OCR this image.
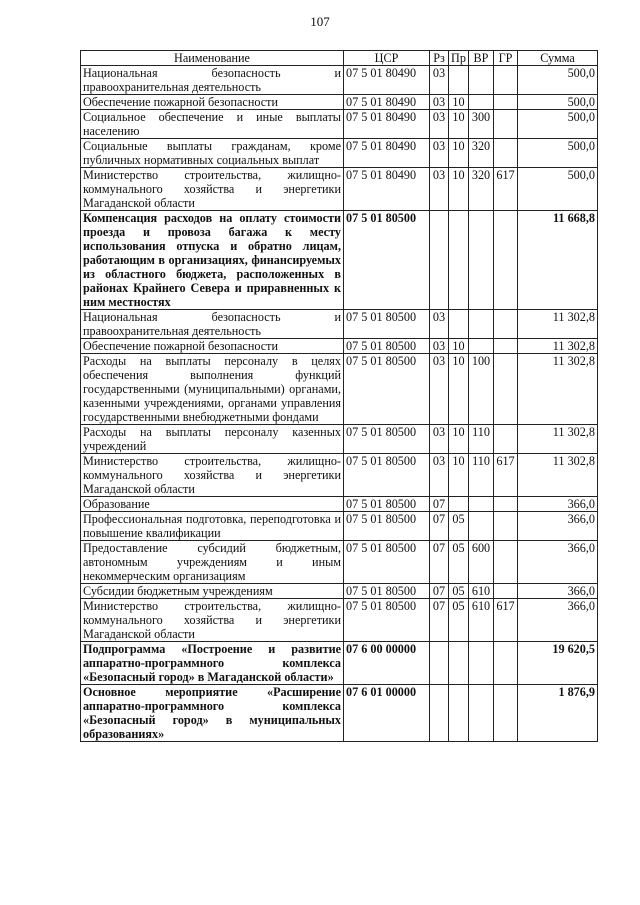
107
Наименование	ЦСР	Рз	Пр	ВР	ГР	Сумма
Национальная безопасность и правоохранительная деятельность	07 5 01 80490	03				500,0
Обеспечение пожарной безопасности	07 5 01 80490	03	10			500,0
Социальное обеспечение и иные выплаты населению	07 5 01 80490	03	10	300		500,0
Социальные выплаты гражданам, кроме публичных нормативных социальных выплат	07 5 01 80490	03	10	320		500,0
Министерство строительства, жилищно-коммунального хозяйства и энергетики Магаданской области	07 5 01 80490	03	10	320	617	500,0
Компенсация расходов на оплату стоимости проезда и провоза багажа к месту использования отпуска и обратно лицам, работающим в организациях, финансируемых из областного бюджета, расположенных в районах Крайнего Севера и приравненных к ним местностях	07 5 01 80500					11 668,8
Национальная безопасность и правоохранительная деятельность	07 5 01 80500	03				11 302,8
Обеспечение пожарной безопасности	07 5 01 80500	03	10			11 302,8
Расходы на выплаты персоналу в целях обеспечения выполнения функций государственными (муниципальными) органами, казенными учреждениями, органами управления государственными внебюджетными фондами	07 5 01 80500	03	10	100		11 302,8
Расходы на выплаты персоналу казенных учреждений	07 5 01 80500	03	10	110		11 302,8
Министерство строительства, жилищно-коммунального хозяйства и энергетики Магаданской области	07 5 01 80500	03	10	110	617	11 302,8
Образование	07 5 01 80500	07				366,0
Профессиональная подготовка, переподготовка и повышение квалификации	07 5 01 80500	07	05			366,0
Предоставление субсидий бюджетным, автономным учреждениям и иным некоммерческим организациям	07 5 01 80500	07	05	600		366,0
Субсидии бюджетным учреждениям	07 5 01 80500	07	05	610		366,0
Министерство строительства, жилищно-коммунального хозяйства и энергетики Магаданской области	07 5 01 80500	07	05	610	617	366,0
Подпрограмма «Построение и развитие аппаратно-программного комплекса «Безопасный город» в Магаданской области»	07 6 00 00000					19 620,5
Основное мероприятие «Расширение аппаратно-программного комплекса «Безопасный город» в муниципальных образованиях»	07 6 01 00000					1 876,9
